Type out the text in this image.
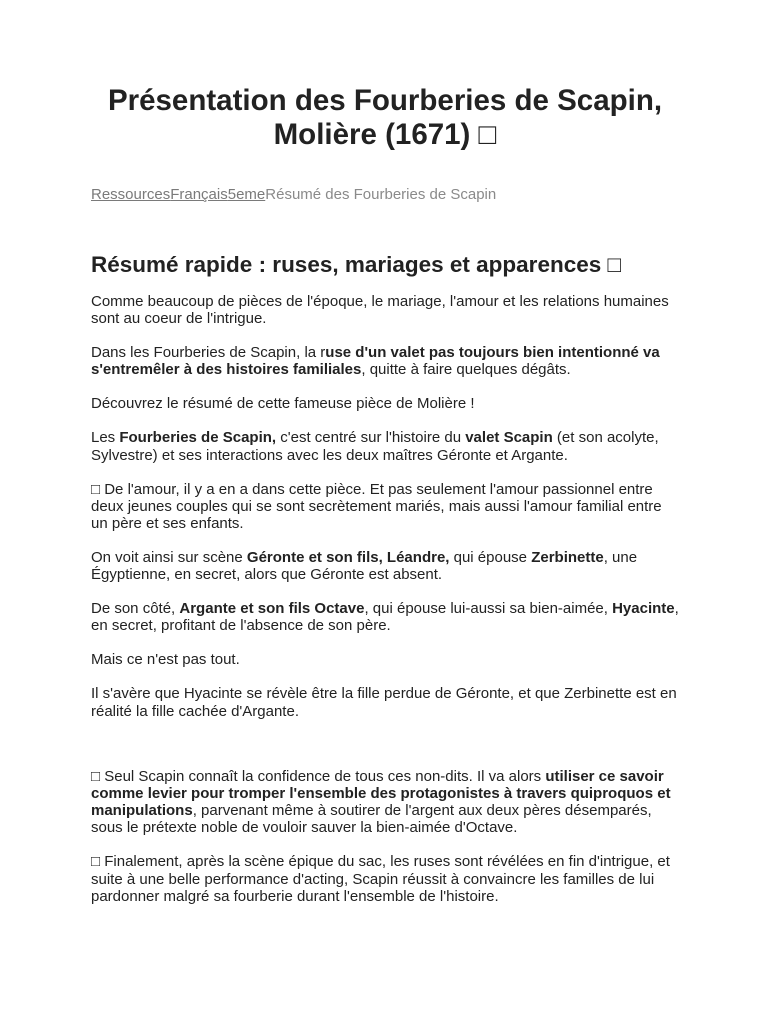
Présentation des Fourberies de Scapin, Molière (1671) □
RessourcesFrançais5emeRésumé des Fourberies de Scapin
Résumé rapide : ruses, mariages et apparences □

Comme beaucoup de pièces de l'époque, le mariage, l'amour et les relations humaines sont au coeur de l'intrigue.

Dans les Fourberies de Scapin, la ruse d'un valet pas toujours bien intentionné va s'entremêler à des histoires familiales, quitte à faire quelques dégâts.

Découvrez le résumé de cette fameuse pièce de Molière !

Les Fourberies de Scapin, c'est centré sur l'histoire du valet Scapin (et son acolyte, Sylvestre) et ses interactions avec les deux maîtres Géronte et Argante.

□ De l'amour, il y a en a dans cette pièce. Et pas seulement l'amour passionnel entre deux jeunes couples qui se sont secrètement mariés, mais aussi l'amour familial entre un père et ses enfants.

On voit ainsi sur scène Géronte et son fils, Léandre, qui épouse Zerbinette, une Égyptienne, en secret, alors que Géronte est absent.

De son côté, Argante et son fils Octave, qui épouse lui-aussi sa bien-aimée, Hyacinte, en secret, profitant de l'absence de son père.

Mais ce n'est pas tout.

Il s'avère que Hyacinte se révèle être la fille perdue de Géronte, et que Zerbinette est en réalité la fille cachée d'Argante.

□ Seul Scapin connaît la confidence de tous ces non-dits. Il va alors utiliser ce savoir comme levier pour tromper l'ensemble des protagonistes à travers quiproquos et manipulations, parvenant même à soutirer de l'argent aux deux pères désemparés, sous le prétexte noble de vouloir sauver la bien-aimée d'Octave.

□ Finalement, après la scène épique du sac, les ruses sont révélées en fin d'intrigue, et suite à une belle performance d'acting, Scapin réussit à convaincre les familles de lui pardonner malgré sa fourberie durant l'ensemble de l'histoire.
